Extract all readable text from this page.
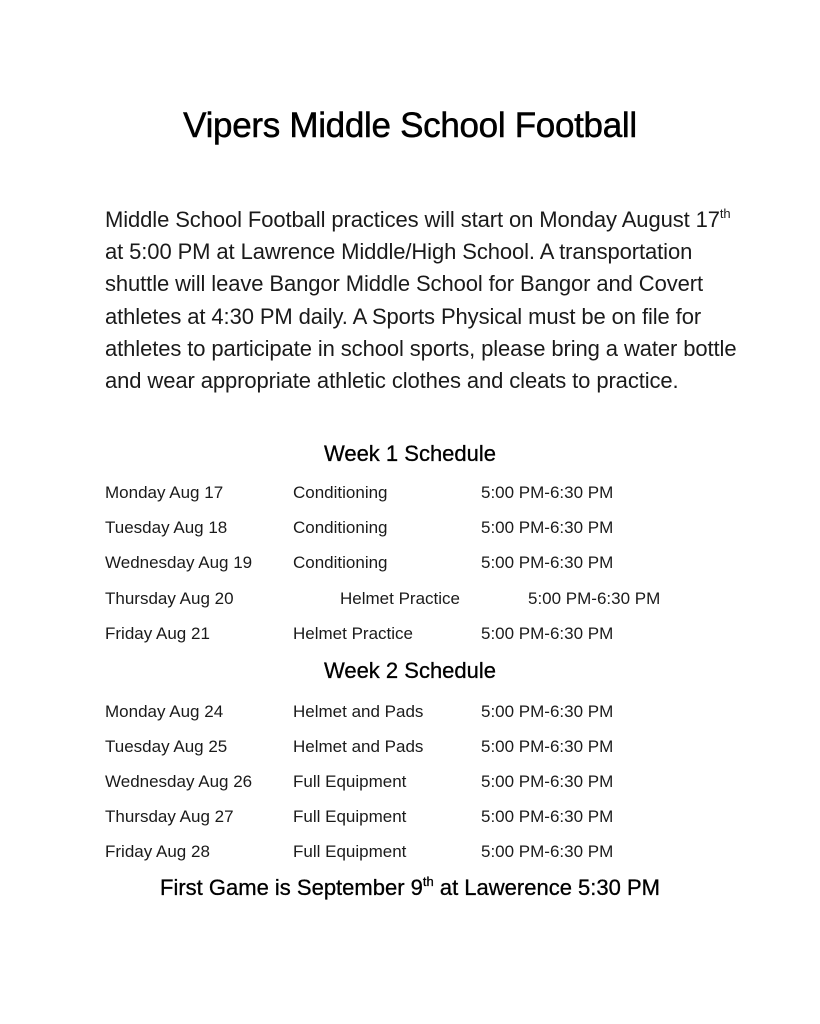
Vipers Middle School Football
Middle School Football practices will start on Monday August 17th at 5:00 PM at Lawrence Middle/High School. A transportation shuttle will leave Bangor Middle School for Bangor and Covert athletes at 4:30 PM daily. A Sports Physical must be on file for athletes to participate in school sports, please bring a water bottle and wear appropriate athletic clothes and cleats to practice.
Week 1 Schedule
Monday Aug 17	Conditioning	5:00 PM-6:30 PM
Tuesday Aug 18	Conditioning	5:00 PM-6:30 PM
Wednesday Aug 19 Conditioning	5:00 PM-6:30 PM
Thursday Aug 20	Helmet Practice	5:00 PM-6:30 PM
Friday Aug 21	Helmet Practice	5:00 PM-6:30 PM
Week 2 Schedule
Monday Aug 24	Helmet and Pads	5:00 PM-6:30 PM
Tuesday Aug 25	Helmet and Pads	5:00 PM-6:30 PM
Wednesday Aug 26 Full Equipment	5:00 PM-6:30 PM
Thursday Aug 27	Full Equipment	5:00 PM-6:30 PM
Friday Aug 28	Full Equipment	5:00 PM-6:30 PM
First Game is September 9th at Lawerence 5:30 PM
